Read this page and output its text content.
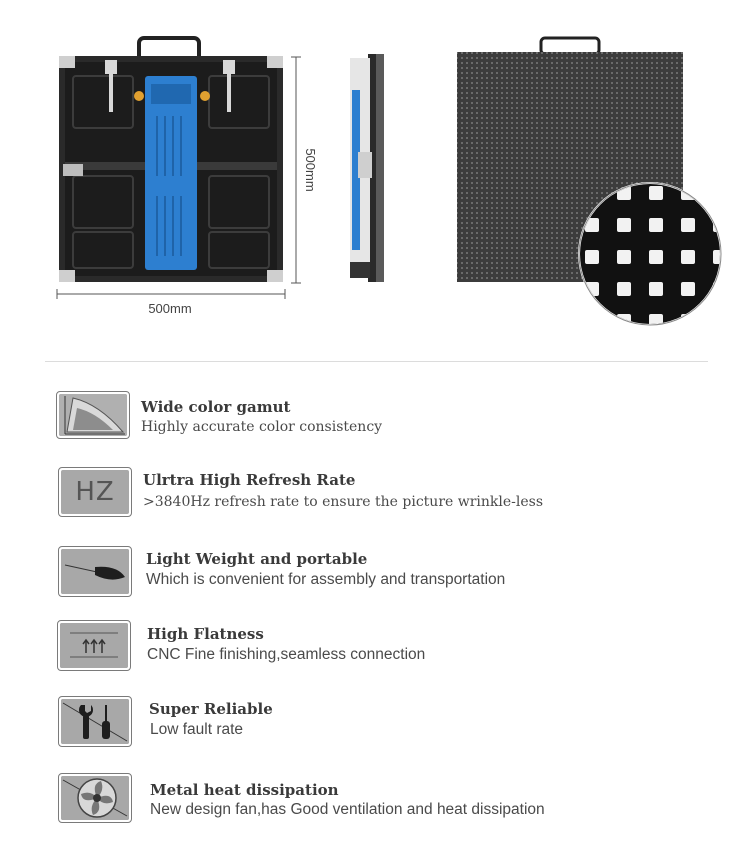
500mm
500mm
Wide color gamut
Highly accurate color consistency
HZ Ulrtra High Refresh Rate
>3840Hz refresh rate to ensure the picture wrinkle-less
Light Weight and portable
Which is convenient for assembly and transportation
High Flatness
CNC Fine finishing,seamless connection
Super Reliable
Low fault rate
Metal heat dissipation
New design fan,has Good ventilation and heat dissipation
